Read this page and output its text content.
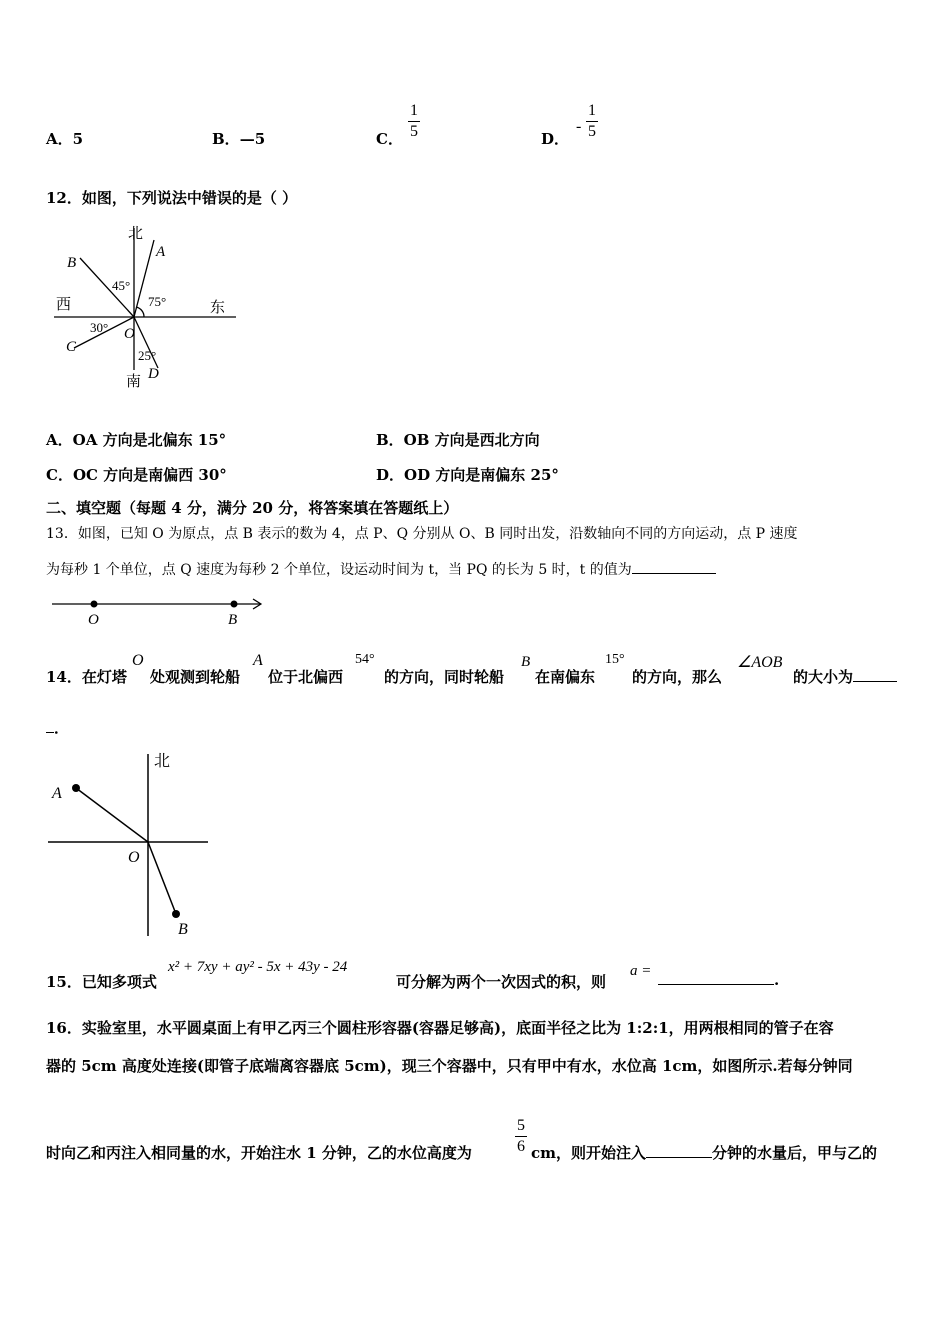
A．5	B．—5	C．
1
5	D．
-
1
5
12．如图，下列说法中错误的是（ ）
北
南
西	东
B
A
C
D
O
45°
75°
30°
25°
A．OA 方向是北偏东 15°	B．OB 方向是西北方向
C．OC 方向是南偏西 30°	D．OD 方向是南偏东 25°
二、填空题（每题 4 分，满分 20 分，将答案填在答题纸上）
13．如图，已知 O 为原点，点 B 表示的数为 4，点 P、Q 分别从 O、B 同时出发，沿数轴向不同的方向运动，点 P 速度
为每秒 1 个单位，点 Q 速度为每秒 2 个单位，设运动时间为 t，当 PQ 的长为 5 时，t 的值为
O	B
14．在灯塔
O
处观测到轮船
A
位于北偏西
54°
的方向，同时轮船
B
在南偏东
15°
的方向，那么
∠AOB
的大小为
．
北
A
O
B
15．已知多项式
x² + 7xy + ay² - 5x + 43y - 24
可分解为两个一次因式的积，则
a =	.
16．实验室里，水平圆桌面上有甲乙丙三个圆柱形容器(容器足够高)，底面半径之比为 1:2:1，用两根相同的管子在容
器的 5cm 高度处连接(即管子底端离容器底 5cm)，现三个容器中，只有甲中有水，水位高 1cm，如图所示.若每分钟同
时向乙和丙注入相同量的水，开始注水 1 分钟，乙的水位高度为
5
6 cm，则开始注入	分钟的水量后，甲与乙的
